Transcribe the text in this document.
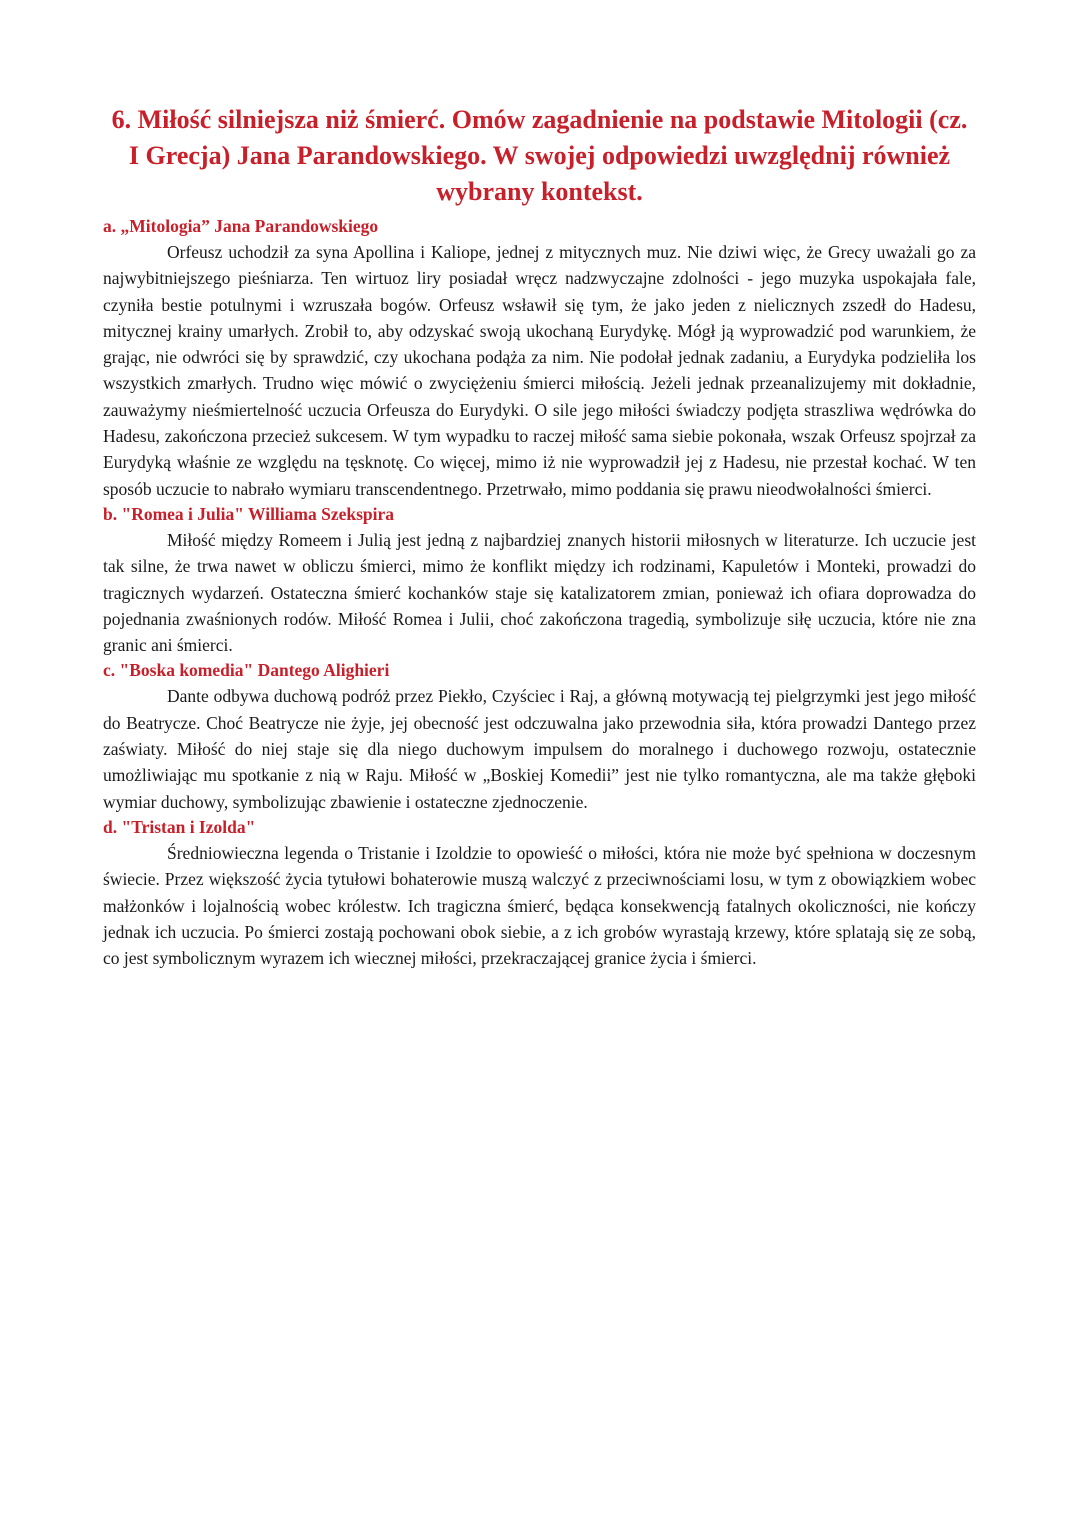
6. Miłość silniejsza niż śmierć. Omów zagadnienie na podstawie Mitologii (cz. I Grecja) Jana Parandowskiego. W swojej odpowiedzi uwzględnij również wybrany kontekst.
a. „Mitologia” Jana Parandowskiego

Orfeusz uchodził za syna Apollina i Kaliope, jednej z mitycznych muz. Nie dziwi więc, że Grecy uważali go za najwybitniejszego pieśniarza. Ten wirtuoz liry posiadał wręcz nadzwyczajne zdolności - jego muzyka uspokajała fale, czyniła bestie potulnymi i wzruszała bogów. Orfeusz wsławił się tym, że jako jeden z nielicznych zszedł do Hadesu, mitycznej krainy umarłych. Zrobił to, aby odzyskać swoją ukochaną Eurydykę. Mógł ją wyprowadzić pod warunkiem, że grając, nie odwróci się by sprawdzić, czy ukochana podąża za nim. Nie podołał jednak zadaniu, a Eurydyka podzieliła los wszystkich zmarłych. Trudno więc mówić o zwyciężeniu śmierci miłością. Jeżeli jednak przeanalizujemy mit dokładnie, zauważymy nieśmiertelność uczucia Orfeusza do Eurydyki. O sile jego miłości świadczy podjęta straszliwa wędrówka do Hadesu, zakończona przecież sukcesem. W tym wypadku to raczej miłość sama siebie pokonała, wszak Orfeusz spojrzał za Eurydyką właśnie ze względu na tęsknotę. Co więcej, mimo iż nie wyprowadził jej z Hadesu, nie przestał kochać. W ten sposób uczucie to nabrało wymiaru transcendentnego. Przetrwało, mimo poddania się prawu nieodwołalności śmierci.

b. "Romea i Julia" Williama Szekspira

Miłość między Romeem i Julią jest jedną z najbardziej znanych historii miłosnych w literaturze. Ich uczucie jest tak silne, że trwa nawet w obliczu śmierci, mimo że konflikt między ich rodzinami, Kapuletów i Monteki, prowadzi do tragicznych wydarzeń. Ostateczna śmierć kochanków staje się katalizatorem zmian, ponieważ ich ofiara doprowadza do pojednania zwaśnionych rodów. Miłość Romea i Julii, choć zakończona tragedią, symbolizuje siłę uczucia, które nie zna granic ani śmierci.

c. "Boska komedia" Dantego Alighieri

Dante odbywa duchową podróż przez Piekło, Czyściec i Raj, a główną motywacją tej pielgrzymki jest jego miłość do Beatrycze. Choć Beatrycze nie żyje, jej obecność jest odczuwalna jako przewodnia siła, która prowadzi Dantego przez zaświaty. Miłość do niej staje się dla niego duchowym impulsem do moralnego i duchowego rozwoju, ostatecznie umożliwiając mu spotkanie z nią w Raju. Miłość w „Boskiej Komedii” jest nie tylko romantyczna, ale ma także głęboki wymiar duchowy, symbolizując zbawienie i ostateczne zjednoczenie.

d. "Tristan i Izolda"

Średniowieczna legenda o Tristanie i Izoldzie to opowieść o miłości, która nie może być spełniona w doczesnym świecie. Przez większość życia tytułowi bohaterowie muszą walczyć z przeciwnościami losu, w tym z obowiązkiem wobec małżonków i lojalnością wobec królestw. Ich tragiczna śmierć, będąca konsekwencją fatalnych okoliczności, nie kończy jednak ich uczucia. Po śmierci zostają pochowani obok siebie, a z ich grobów wyrastają krzewy, które splatają się ze sobą, co jest symbolicznym wyrazem ich wiecznej miłości, przekraczającej granice życia i śmierci.
